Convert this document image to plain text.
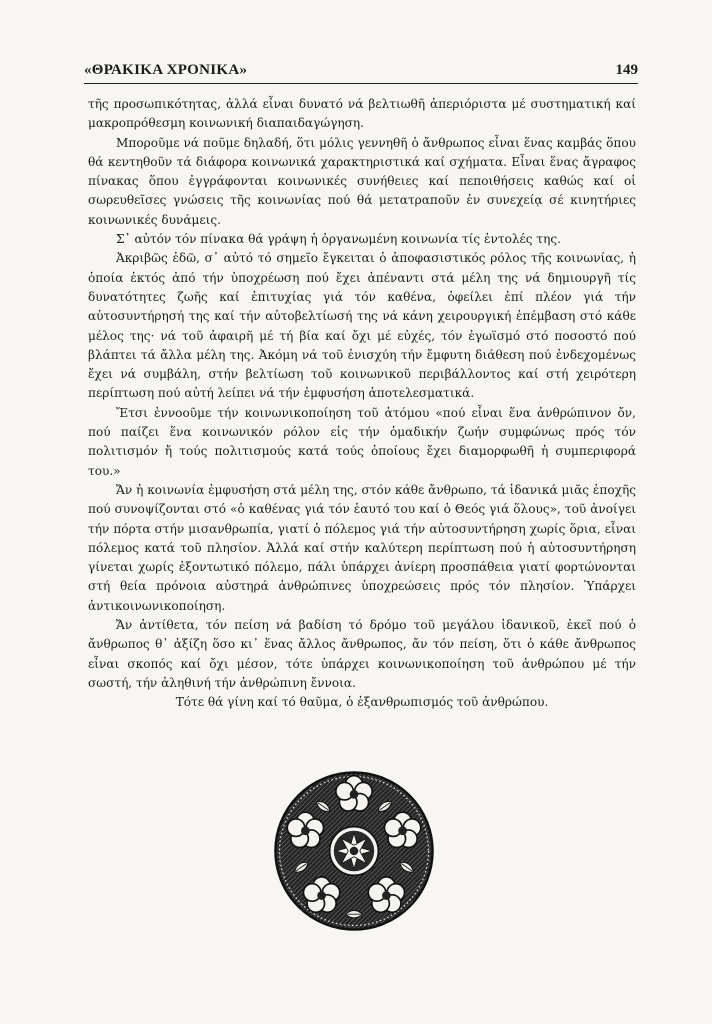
«ΘΡΑΚΙΚΑ ΧΡΟΝΙΚΑ»	149

τῆς προσωπικότητας, ἀλλά εἶναι δυνατό νά βελτιωθῆ ἀπεριόριστα μέ συστηματική καί μακροπρόθεσμη κοινωνική διαπαιδαγώγηση.

Μποροῦμε νά ποῦμε δηλαδή, ὅτι μόλις γεννηθῆ ὁ ἄνθρωπος εἶναι ἕνας καμβάς ὅπου θά κεντηθοῦν τά διάφορα κοινωνικά χαρακτηριστικά καί σχήματα. Εἶναι ἕνας ἄγραφος πίνακας ὅπου ἐγγράφονται κοινωνικές συνήθειες καί πεποιθήσεις καθώς καί οἱ σωρευθεῖσες γνώσεις τῆς κοινωνίας πού θά μετατραποῦν ἐν συνεχείᾳ σέ κινητήριες κοινωνικές δυνάμεις.

Σ᾽ αὐτόν τόν πίνακα θά γράψη ἡ ὀργανωμένη κοινωνία τίς ἐντολές της.

Ἀκριβῶς ἐδῶ, σ᾽ αὐτό τό σημεῖο ἔγκειται ὁ ἀποφασιστικός ρόλος τῆς κοινωνίας, ἡ ὁποία ἐκτός ἀπό τήν ὑποχρέωση πού ἔχει ἀπέναντι στά μέλη της νά δημιουργῆ τίς δυνατότητες ζωῆς καί ἐπιτυχίας γιά τόν καθένα, ὀφείλει ἐπί πλέον γιά τήν αὐτοσυντήρησή της καί τήν αὐτοβελτίωσή της νά κάνη χειρουργική ἐπέμβαση στό κάθε μέλος της· νά τοῦ ἀφαιρῆ μέ τή βία καί ὄχι μέ εὐχές, τόν ἐγωϊσμό στό ποσοστό πού βλάπτει τά ἄλλα μέλη της. Ἀκόμη νά τοῦ ἐνισχύη τήν ἔμφυτη διάθεση πού ἐνδεχομένως ἔχει νά συμβάλη, στήν βελτίωση τοῦ κοινωνικοῦ περιβάλλοντος καί στή χειρότερη περίπτωση πού αὐτή λείπει νά τήν ἐμφυσήση ἀποτελεσματικά.

Ἔτσι ἐννοοῦμε τήν κοινωνικοποίηση τοῦ ἀτόμου «πού εἶναι ἕνα ἀνθρώπινον ὄν, πού παίζει ἕνα κοινωνικόν ρόλον εἰς τήν ὁμαδικήν ζωήν συμφώνως πρός τόν πολιτισμόν ἤ τούς πολιτισμούς κατά τούς ὁποίους ἔχει διαμορφωθῆ ἡ συμπεριφορά του.»

Ἄν ἡ κοινωνία ἐμφυσήση στά μέλη της, στόν κάθε ἄνθρωπο, τά ἰδανικά μιᾶς ἐποχῆς πού συνοψίζονται στό «ὁ καθένας γιά τόν ἑαυτό του καί ὁ Θεός γιά ὅλους», τοῦ ἀνοίγει τήν πόρτα στήν μισανθρωπία, γιατί ὁ πόλεμος γιά τήν αὐτοσυντήρηση χωρίς ὅρια, εἶναι πόλεμος κατά τοῦ πλησίον. Ἀλλά καί στήν καλύτερη περίπτωση πού ἡ αὐτοσυντήρηση γίνεται χωρίς ἐξοντωτικό πόλεμο, πάλι ὑπάρχει ἀνίερη προσπάθεια γιατί φορτώνονται στή θεία πρόνοια αὐστηρά ἀνθρώπινες ὑποχρεώσεις πρός τόν πλησίον. Ὑπάρχει ἀντικοινωνικοποίηση.

Ἄν ἀντίθετα, τόν πείση νά βαδίση τό δρόμο τοῦ μεγάλου ἰδανικοῦ, ἐκεῖ πού ὁ ἄνθρωπος θ᾽ ἀξίζη ὅσο κι᾽ ἕνας ἄλλος ἄνθρωπος, ἄν τόν πείση, ὅτι ὁ κάθε ἄνθρωπος εἶναι σκοπός καί ὄχι μέσον, τότε ὑπάρχει κοινωνικοποίηση τοῦ ἀνθρώπου μέ τήν σωστή, τήν ἀληθινή τήν ἀνθρώπινη ἔννοια.

Τότε θά γίνη καί τό θαῦμα, ὁ ἐξανθρωπισμός τοῦ ἀνθρώπου.
